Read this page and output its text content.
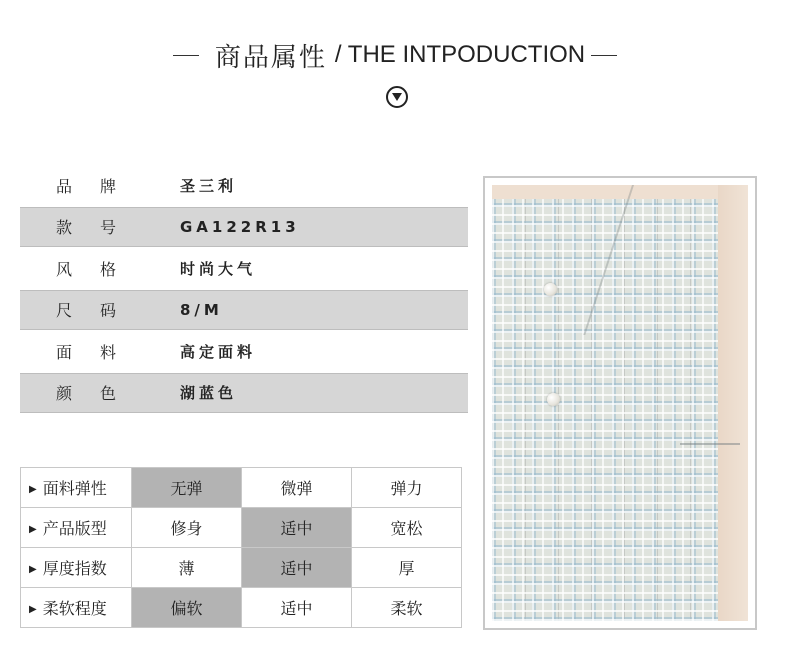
商品属性 / THE INTPODUCTION
品牌	圣三利
款号	GA122R13
风格	时尚大气
尺码	8/M
面料	高定面料
颜色	湖蓝色
▶ 面料弹性	无弹	微弹	弹力
▶ 产品版型	修身	适中	宽松
▶ 厚度指数	薄	适中	厚
▶ 柔软程度	偏软	适中	柔软
